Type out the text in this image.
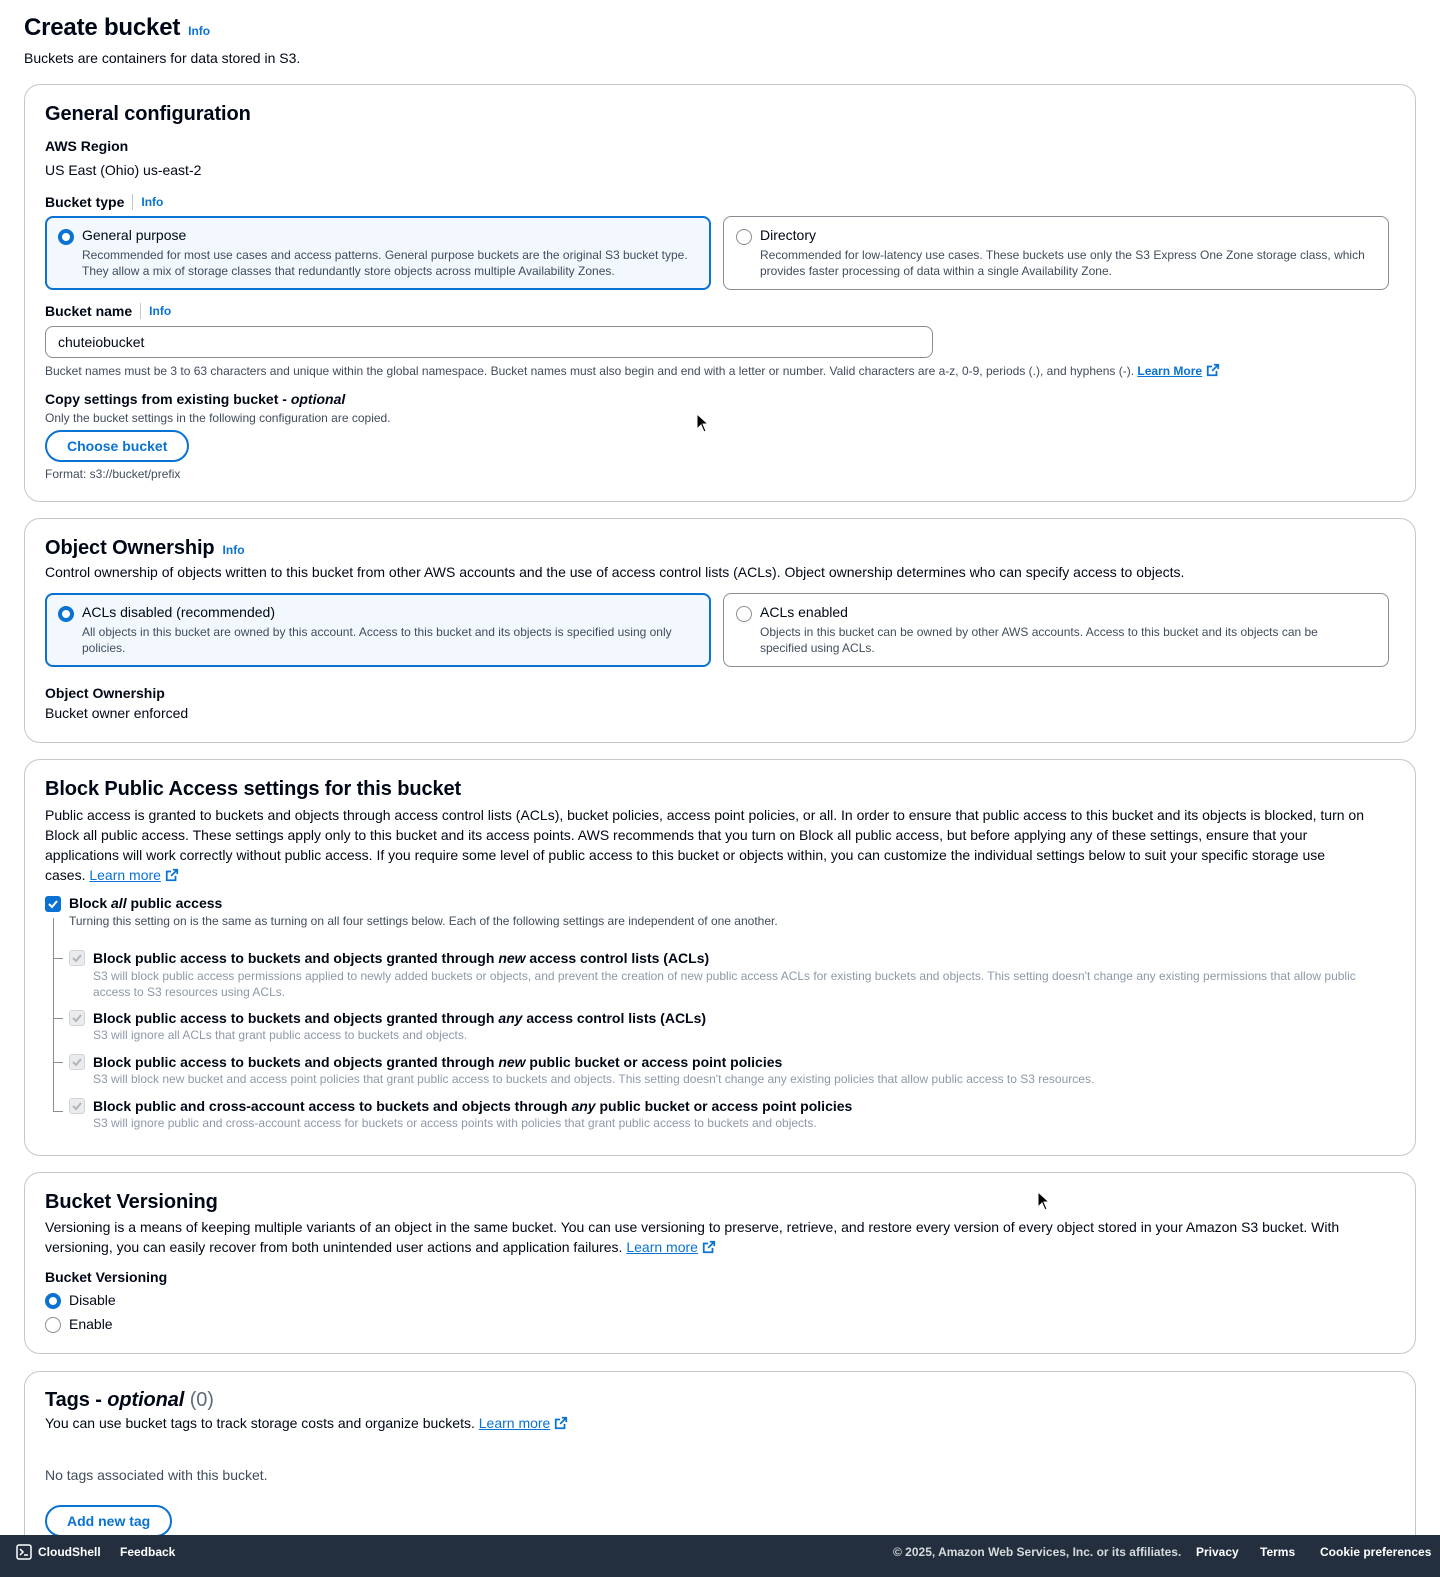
Create bucket Info
Buckets are containers for data stored in S3.
General configuration
AWS Region
US East (Ohio) us-east-2
Bucket type Info
General purpose
Recommended for most use cases and access patterns. General purpose buckets are the original S3 bucket type.
They allow a mix of storage classes that redundantly store objects across multiple Availability Zones.
Directory
Recommended for low-latency use cases. These buckets use only the S3 Express One Zone storage class, which
provides faster processing of data within a single Availability Zone.
Bucket name Info
chuteiobucket
Bucket names must be 3 to 63 characters and unique within the global namespace. Bucket names must also begin and end with a letter or number. Valid characters are a-z, 0-9, periods (.), and hyphens (-). Learn More
Copy settings from existing bucket - optional
Only the bucket settings in the following configuration are copied.
Choose bucket
Format: s3://bucket/prefix
Object Ownership Info
Control ownership of objects written to this bucket from other AWS accounts and the use of access control lists (ACLs). Object ownership determines who can specify access to objects.
ACLs disabled (recommended)
All objects in this bucket are owned by this account. Access to this bucket and its objects is specified using only
policies.
ACLs enabled
Objects in this bucket can be owned by other AWS accounts. Access to this bucket and its objects can be
specified using ACLs.
Object Ownership
Bucket owner enforced
Block Public Access settings for this bucket
Public access is granted to buckets and objects through access control lists (ACLs), bucket policies, access point policies, or all. In order to ensure that public access to this bucket and its objects is blocked, turn on
Block all public access. These settings apply only to this bucket and its access points. AWS recommends that you turn on Block all public access, but before applying any of these settings, ensure that your
applications will work correctly without public access. If you require some level of public access to this bucket or objects within, you can customize the individual settings below to suit your specific storage use
cases. Learn more
Block all public access
Turning this setting on is the same as turning on all four settings below. Each of the following settings are independent of one another.
Block public access to buckets and objects granted through new access control lists (ACLs)
S3 will block public access permissions applied to newly added buckets or objects, and prevent the creation of new public access ACLs for existing buckets and objects. This setting doesn't change any existing permissions that allow public
access to S3 resources using ACLs.
Block public access to buckets and objects granted through any access control lists (ACLs)
S3 will ignore all ACLs that grant public access to buckets and objects.
Block public access to buckets and objects granted through new public bucket or access point policies
S3 will block new bucket and access point policies that grant public access to buckets and objects. This setting doesn't change any existing policies that allow public access to S3 resources.
Block public and cross-account access to buckets and objects through any public bucket or access point policies
S3 will ignore public and cross-account access for buckets or access points with policies that grant public access to buckets and objects.
Bucket Versioning
Versioning is a means of keeping multiple variants of an object in the same bucket. You can use versioning to preserve, retrieve, and restore every version of every object stored in your Amazon S3 bucket. With
versioning, you can easily recover from both unintended user actions and application failures. Learn more
Bucket Versioning
Disable
Enable
Tags - optional (0)
You can use bucket tags to track storage costs and organize buckets. Learn more
No tags associated with this bucket.
Add new tag
CloudShell Feedback	© 2025, Amazon Web Services, Inc. or its affiliates. Privacy Terms Cookie preferences
